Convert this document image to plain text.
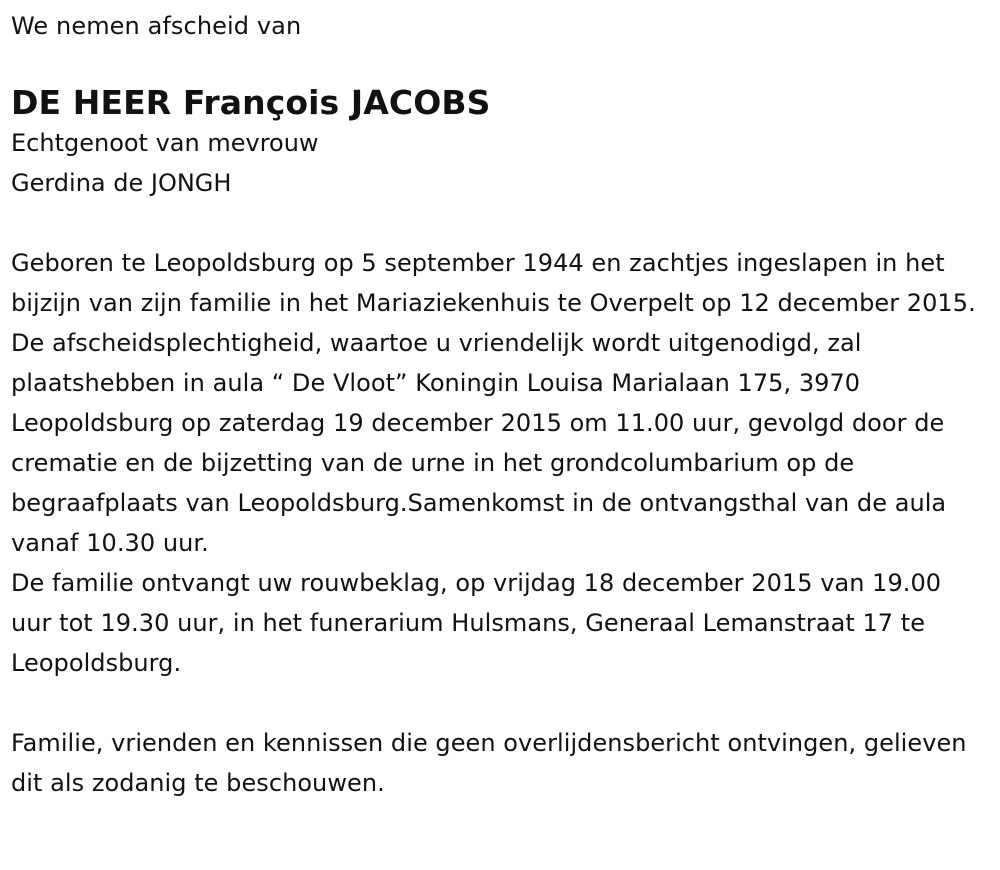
We nemen afscheid van

DE HEER François JACOBS

Echtgenoot van mevrouw

Gerdina de JONGH

Geboren te Leopoldsburg op 5 september 1944 en zachtjes ingeslapen in het bijzijn van zijn familie in het Mariaziekenhuis te Overpelt op 12 december 2015.

De afscheidsplechtigheid, waartoe u vriendelijk wordt uitgenodigd, zal plaatshebben in aula “ De Vloot” Koningin Louisa Marialaan 175, 3970 Leopoldsburg op zaterdag 19 december 2015 om 11.00 uur, gevolgd door de crematie en de bijzetting van de urne in het grondcolumbarium op de begraafplaats van Leopoldsburg.Samenkomst in de ontvangsthal van de aula vanaf 10.30 uur.

De familie ontvangt uw rouwbeklag, op vrijdag 18 december 2015 van 19.00 uur tot 19.30 uur, in het funerarium Hulsmans, Generaal Lemanstraat 17 te Leopoldsburg.

Familie, vrienden en kennissen die geen overlijdensbericht ontvingen, gelieven dit als zodanig te beschouwen.
